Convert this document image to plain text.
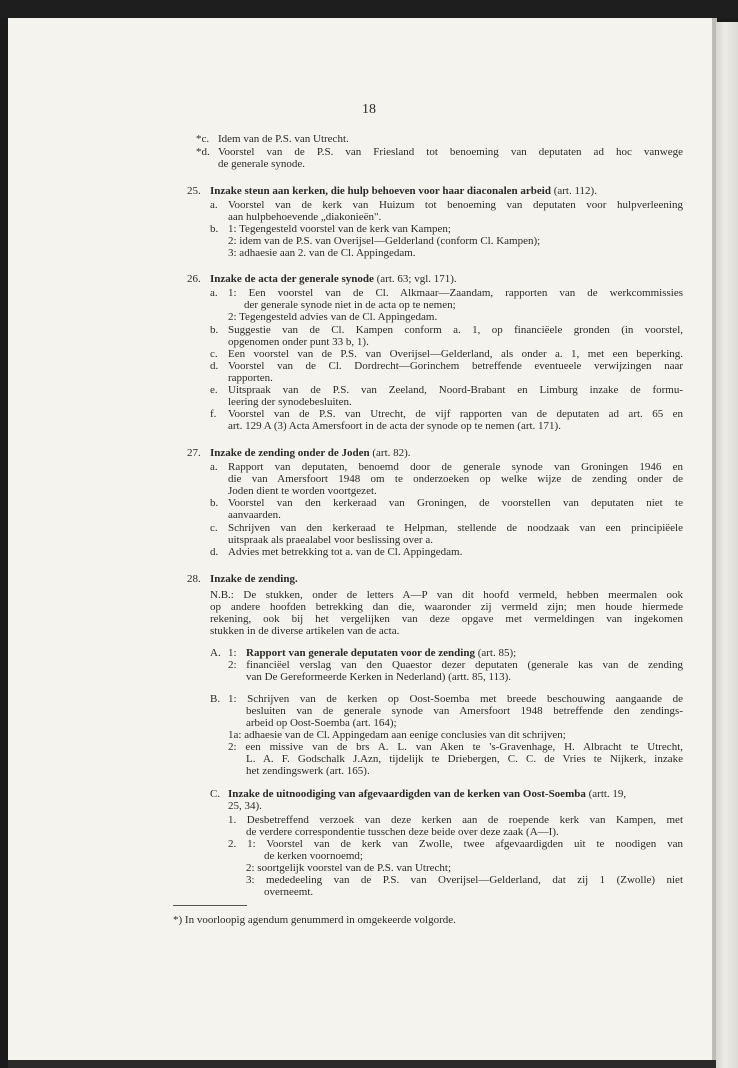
18
*c. Idem van de P.S. van Utrecht.
*d. Voorstel van de P.S. van Friesland tot benoeming van deputaten ad hoc vanwege
de generale synode.
25. Inzake steun aan kerken, die hulp behoeven voor haar diaconalen arbeid (art. 112).
a. Voorstel van de kerk van Huizum tot benoeming van deputaten voor hulpverleening
aan hulpbehoevende „diakonieën".
b. 1: Tegengesteld voorstel van de kerk van Kampen;
2: idem van de P.S. van Overijsel—Gelderland (conform Cl. Kampen);
3: adhaesie aan 2. van de Cl. Appingedam.
26. Inzake de acta der generale synode (art. 63; vgl. 171).
a. 1: Een voorstel van de Cl. Alkmaar—Zaandam, rapporten van de werkcommissies
der generale synode niet in de acta op te nemen;
2: Tegengesteld advies van de Cl. Appingedam.
b. Suggestie van de Cl. Kampen conform a. 1, op financiëele gronden (in voorstel,
opgenomen onder punt 33 b, 1).
c. Een voorstel van de P.S. van Overijsel—Gelderland, als onder a. 1, met een beperking.
d. Voorstel van de Cl. Dordrecht—Gorinchem betreffende eventueele verwijzingen naar
rapporten.
e. Uitspraak van de P.S. van Zeeland, Noord-Brabant en Limburg inzake de formu-
leering der synodebesluiten.
f. Voorstel van de P.S. van Utrecht, de vijf rapporten van de deputaten ad art. 65 en
art. 129 A (3) Acta Amersfoort in de acta der synode op te nemen (art. 171).
27. Inzake de zending onder de Joden (art. 82).
a. Rapport van deputaten, benoemd door de generale synode van Groningen 1946 en
die van Amersfoort 1948 om te onderzoeken op welke wijze de zending onder de
Joden dient te worden voortgezet.
b. Voorstel van den kerkeraad van Groningen, de voorstellen van deputaten niet te
aanvaarden.
c. Schrijven van den kerkeraad te Helpman, stellende de noodzaak van een principiëele
uitspraak als praealabel voor beslissing over a.
d. Advies met betrekking tot a. van de Cl. Appingedam.
28. Inzake de zending.
N.B.: De stukken, onder de letters A—P van dit hoofd vermeld, hebben meermalen ook
op andere hoofden betrekking dan die, waaronder zij vermeld zijn; men houde hiermede
rekening, ook bij het vergelijken van deze opgave met vermeldingen van ingekomen
stukken in de diverse artikelen van de acta.
A. 1: Rapport van generale deputaten voor de zending (art. 85);
2: financiëel verslag van den Quaestor dezer deputaten (generale kas van de zending
van De Gereformeerde Kerken in Nederland) (artt. 85, 113).
B. 1: Schrijven van de kerken op Oost-Soemba met breede beschouwing aangaande de
besluiten van de generale synode van Amersfoort 1948 betreffende den zendings-
arbeid op Oost-Soemba (art. 164);
1a: adhaesie van de Cl. Appingedam aan eenige conclusies van dit schrijven;
2: een missive van de brs A. L. van Aken te 's-Gravenhage, H. Albracht te Utrecht,
L. A. F. Godschalk J.Azn, tijdelijk te Driebergen, C. C. de Vries te Nijkerk, inzake
het zendingswerk (art. 165).
C. Inzake de uitnoodiging van afgevaardigden van de kerken van Oost-Soemba (artt. 19,
25, 34).
1. Desbetreffend verzoek van deze kerken aan de roepende kerk van Kampen, met
de verdere correspondentie tusschen deze beide over deze zaak (A—I).
2. 1: Voorstel van de kerk van Zwolle, twee afgevaardigden uit te noodigen van
de kerken voornoemd;
2: soortgelijk voorstel van de P.S. van Utrecht;
3: mededeeling van de P.S. van Overijsel—Gelderland, dat zij 1 (Zwolle) niet
overneemt.
*) In voorloopig agendum genummerd in omgekeerde volgorde.
